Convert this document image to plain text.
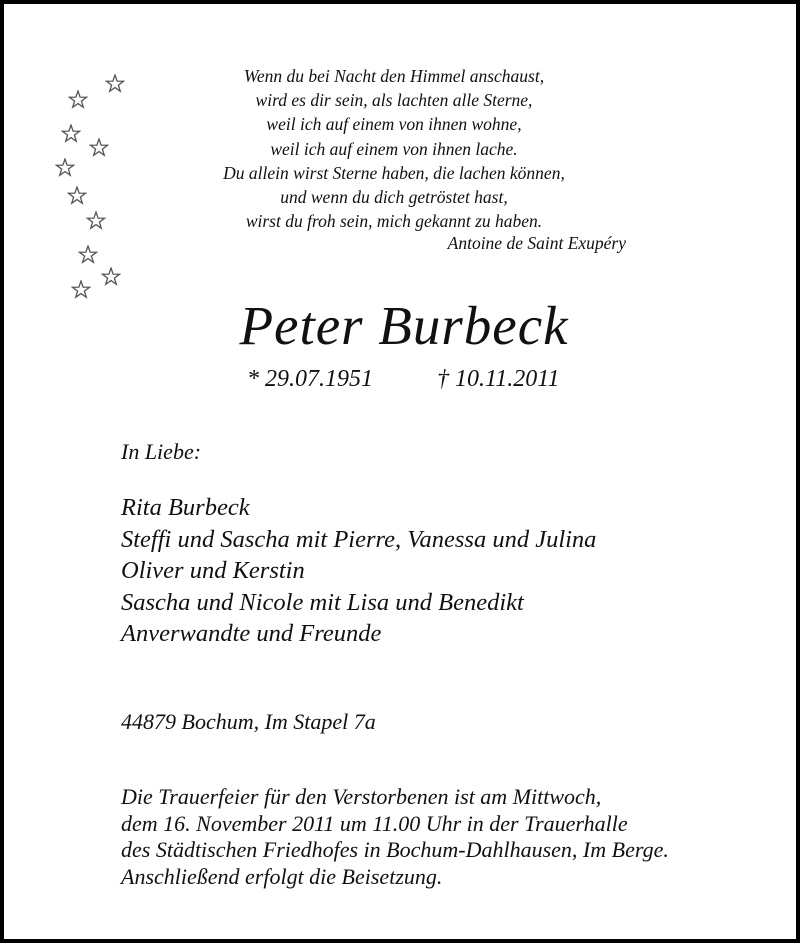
Wenn du bei Nacht den Himmel anschaust,
wird es dir sein, als lachten alle Sterne,
weil ich auf einem von ihnen wohne,
weil ich auf einem von ihnen lache.
Du allein wirst Sterne haben, die lachen können,
und wenn du dich getröstet hast,
wirst du froh sein, mich gekannt zu haben.
Antoine de Saint Exupéry
Peter Burbeck
* 29.07.1951	† 10.11.2011
In Liebe:
Rita Burbeck
Steffi und Sascha mit Pierre, Vanessa und Julina
Oliver und Kerstin
Sascha und Nicole mit Lisa und Benedikt
Anverwandte und Freunde
44879 Bochum, Im Stapel 7a
Die Trauerfeier für den Verstorbenen ist am Mittwoch,
dem 16. November 2011 um 11.00 Uhr in der Trauerhalle
des Städtischen Friedhofes in Bochum-Dahlhausen, Im Berge.
Anschließend erfolgt die Beisetzung.
